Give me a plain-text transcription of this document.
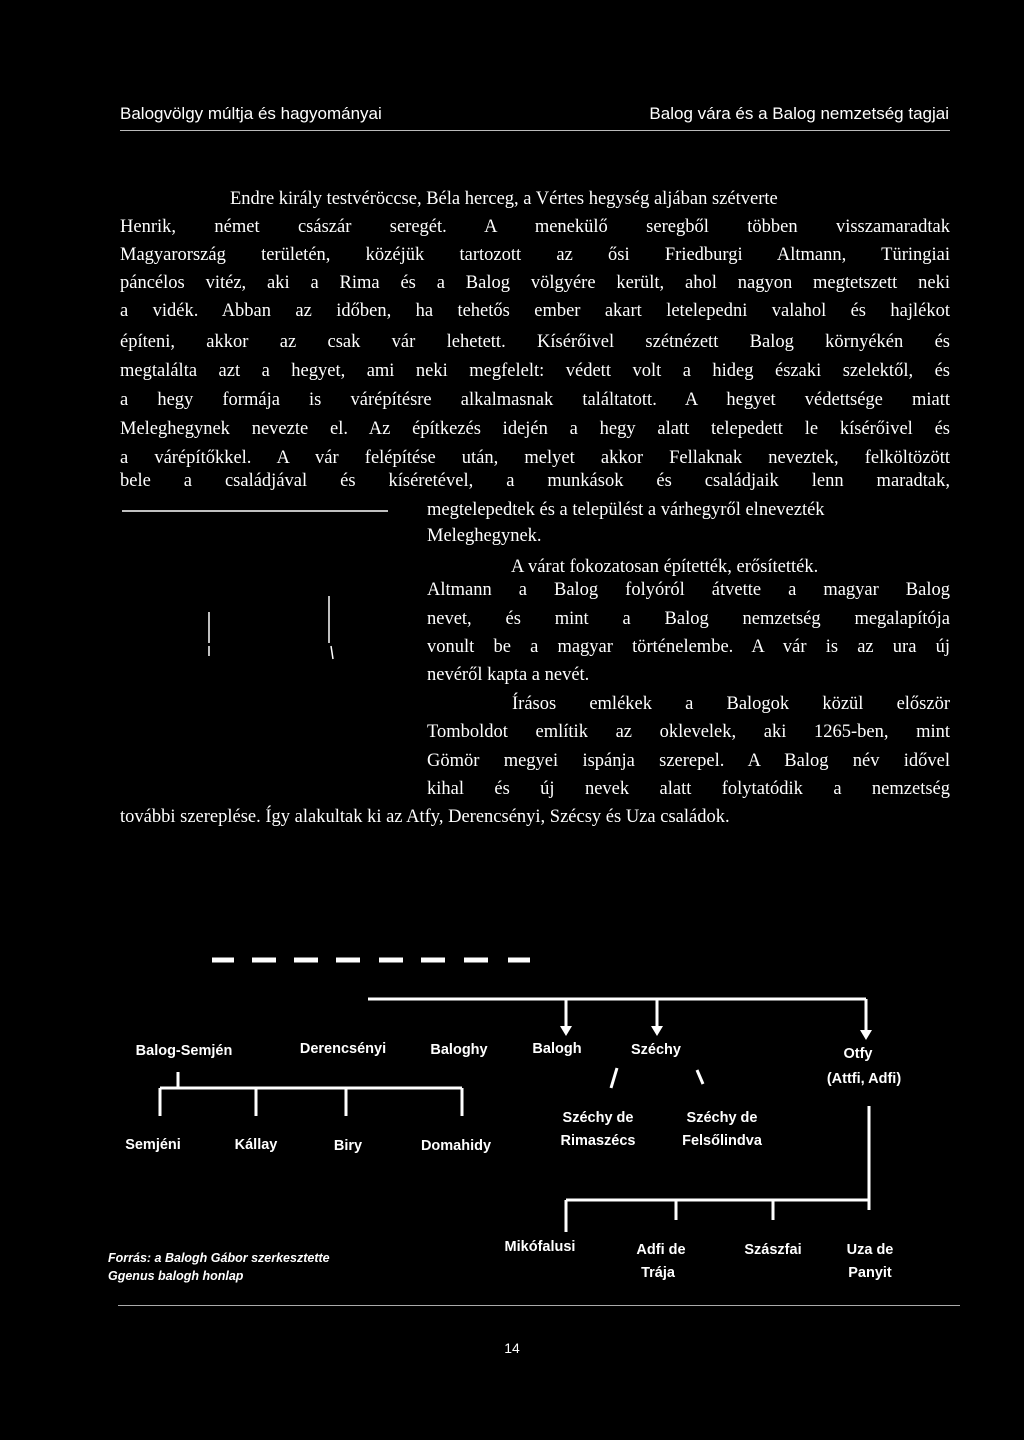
Balogvölgy múltja és hagyományai	Balog vára és a Balog nemzetség tagjai
Endre király testvéröccse, Béla herceg, a Vértes hegység aljában szétverte
Henrik, német császár seregét. A menekülő seregből többen visszamaradtak
Magyarország területén, közéjük tartozott az ősi Friedburgi Altmann, Türingiai
páncélos vitéz, aki a Rima és a Balog völgyére került, ahol nagyon megtetszett neki
a vidék. Abban az időben, ha tehetős ember akart letelepedni valahol és hajlékot
építeni, akkor az csak vár lehetett. Kísérőivel szétnézett Balog környékén és
megtalálta azt a hegyet, ami neki megfelelt: védett volt a hideg északi szelektől, és
a hegy formája is várépítésre alkalmasnak találtatott. A hegyet védettsége miatt
Meleghegynek nevezte el. Az építkezés idején a hegy alatt telepedett le kísérőivel és
a várépítőkkel. A vár felépítése után, melyet akkor Fellaknak neveztek, felköltözött
bele a családjával és kíséretével, a munkások és családjaik lenn maradtak,
megtelepedtek és a települést a várhegyről elnevezték
Meleghegynek.
A várat fokozatosan építették, erősítették.
Altmann a Balog folyóról átvette a magyar Balog
nevet, és mint a Balog nemzetség megalapítója
vonult be a magyar történelembe. A vár is az ura új
nevéről kapta a nevét.
Írásos emlékek a Balogok közül először
Tomboldot említik az oklevelek, aki 1265-ben, mint
Gömör megyei ispánja szerepel. A Balog név idővel
kihal és új nevek alatt folytatódik a nemzetség
további szereplése. Így alakultak ki az Atfy, Derencsényi, Szécsy és Uza családok.
Balog-Semjén	Derencsényi	Baloghy	Balogh	Széchy	Otfy
(Attfi, Adfi)
Semjéni	Kállay	Biry	Domahidy
Széchy de
Rimaszécs
Széchy de
Felsőlindva
Mikófalusi	Adfi de
Trája
Szászfai	Uza de
Panyit
Forrás: a Balogh Gábor szerkesztette
Ggenus balogh honlap
14
